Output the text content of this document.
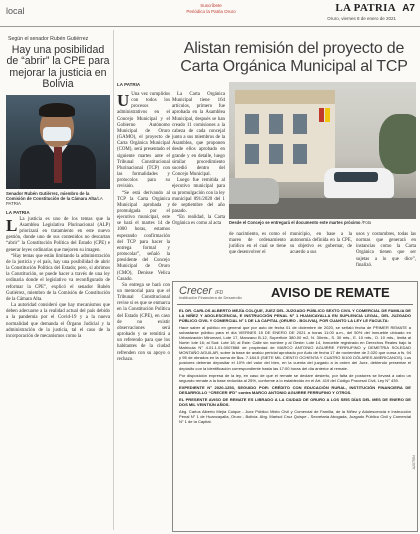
local
Suscríbete
Periódico la Patria Oruro	LA PATRIA A7
Oruro, viernes 8 de enero de 2021
Según el senador Rubén Gutiérrez
Hay una posibilidad de “abrir” la CPE para mejorar la justicia en Bolivia
Senador Rubén Gutiérrez, miembro de la Comisión de Constitución de la Cámara Alta/LA PATRIA
LA PATRIA

L La justicia es uno de los temas que la Asamblea Legislativa Plurinacional (ALP) priorizará en tratamiento en este nuevo gestión, donde uno de sus contenidos no descartan “abrir” la Constitución Política del Estado (CPE) e generar leyes ordinarias que mejoren su imagen.

“Hay temas que están limitando la administración de la justicia y el país, hay una posibilidad de abrir la Constitución Política del Estado; pero, si abrimos la Constitución, se puede hacer a través de una ley ordinaria donde el legislativo va reconfigurado de reformar la CPE”, explicó el senador Rubén Gutiérrez, miembro de la Comisión de Constitución de la Cámara Alta.

La autoridad consideró que hay mecanismos que deben adecuarse a la realidad actual del país debido a la pandemia por el Covid-19 y a la nueva normalidad que demanda el Órgano Judicial y la administración de la justicia, tal el caso de la incorporación de mecanismos como la

Alistan remisión del proyecto de Carta Orgánica Municipal al TCP
LA PATRIA

U Una vez cumplidos con todos los procesos administrativos en el Concejo Municipal y el Gobierno Autónomo Municipal de Oruro (GAMO), el proyecto de Carta Orgánica Municipal (COM), será presentado el siguiente martes ante el Tribunal Constitucional Plurinacional (TCP) con las formalidades y protocolos para su revisión.

“Se está derivando al TCP la Carta Orgánica Municipal aprobada y promulgada por el ejecutivo municipal, este se hará el martes 14 de 1000 horas, estamos esperando confirmación del TCP para hacer la entrega formal y protocolar”, señaló la presidente del Concejo Municipal de Oruro (CMO), Denisse Velica Casado.

Su entrega se hará con un memorial para que el Tribunal Constitucional revise si es que se enmarca en la Constitución Política del Estado (CPE), en caso de no existir observaciones será aprobado y se remitirá a un referendo para que los habitantes de la ciudad refrenden con su apoyo o rechazo.

La Carta Orgánica Municipal tiene 164 artículos, primero fue aprobada en la Asamblea Municipal, después se han creado 11 comisiones a la cabeza de cada concejal junto a sus miembros de la Asamblea, que proponen desde ellos aprobado en grande y en detalle, luego similar procedimiento sucedió dentro del Concejo Municipal.

Luego fue remitida al ejecutivo municipal para su promulgación con la ley municipal 091/2020 del 1 de septiembre del año pasado.

“En realidad, la Carta Orgánica es como al acta	Desde el Concejo se entregará el documento este martes próximo /Foto

de nacimiento, es como el mareo de ordenamiento jurídico en el cual se tiene que desenvolver el

municipio, en base a la autonomía definida en la CPE, su objetivo es gobernar, de acuerdo a sus

usos y costumbres, todas las normas que generará en instancias como la Carta Orgánica tienen que ser sujetas a lo que dice”, finalizó.

Crecer IFD
Institución Financiera de Desarrollo AVISO DE REMATE

EL DR. CARLOS ALBERTO MEJÍA COLQUE, JUEZ DEL JUZGADO PÚBLICO SEXTO CIVIL Y COMERCIAL DE FAMILIA DE LA NIÑEZ Y ADOLESCENCIA, E INSTRUCCIÓN PENAL N° 1 HUANCAYALLA EN SUPLENCIA LEGAL, DEL JUZGADO PÚBLICO CIVIL Y COMERCIAL N° 1 DE LA CAPITAL (ORURO - BOLIVIA), POR CUANTO LA LEY LE FACULTA:

Hace saber al público en general que por auto de fecha 01 de diciembre de 2020, se señaló fecha de PRIMER REMATE a subastarse público para el día VIERNES 15 DE ENERO DE 2021 a horas 11:00 a.m., del 50% del inmueble ubicado en Urbanización Mirumani, Lote 17, Manzano B-12, Superficie 380.00 m2, N. 30mts., S. 30 mts., E. 10 mts., O. 10 mts., limita al Norte: lote 16; al Sud: Lote 18; al Este: Calle sin nombre y al Oeste: Lote 14, inmueble registrado en Derechos Reales bajo la Matrícula N° 4.01.1.01.0007868 de propiedad de MARCO ANTONIO AGUIRRE FERRUFINO y DEMETRIA SOLEDAD MONTAÑO AGUILAR, sobre la base de avalúo pericial aprobado por Auto de fecha 17 de noviembre de 2.020 que cursa a fs. 94 y 95 de obrados en la suma de $us. 7.184.5 (SIETE MIL CIENTO OCHENTA Y CUATRO 5/100 DÓLARES AMERICANOS). Los postores deberán depositar el 10% del valor del bien, en la cuenta del juzgado a la orden del Juez, debiendo presentar el depósito con la identificación correspondiente hasta las 17:00 horas del día anterior al remate.

Por disposición expresa de la ley, en caso de que el remate se declare desierto, por falta de postores se llevará a cabo un segundo remate a la base reducida al 25%, conforme a lo establecido en el Art. 419 del Código Procesal Civil, Ley N° 439.

EXPEDIENTE N° 2020-1253, SEGUIDO POR: CRÉDITO CON EDUCACIÓN RURAL, INSTITUCIÓN FINANCIERA DE DESARROLLO “CRECER IFD” contra MARCO ANTONIO AGUIRRE FERRUFINO Y OTROS.

EL PRESENTE AVISO DE REMATE ES LIBRADO A LA CIUDAD DE ORURO A LOS SEIS DÍAS DEL MES DE ENERO DE DOS MIL VEINTIÚN AÑOS.

Abg. Carlos Alberto Mejía Colque - Juez Público Mixto Civil y Comercial de Familia, de la Niñez y Adolescencia e Instrucción Penal N° 1 de Huancayalla, Oruro - Bolivia. Abg. Marisol Cruz Quispe - Secretaria Abogada, Juzgado Público Civil y Comercial N° 1 de la Capital.

A207554
